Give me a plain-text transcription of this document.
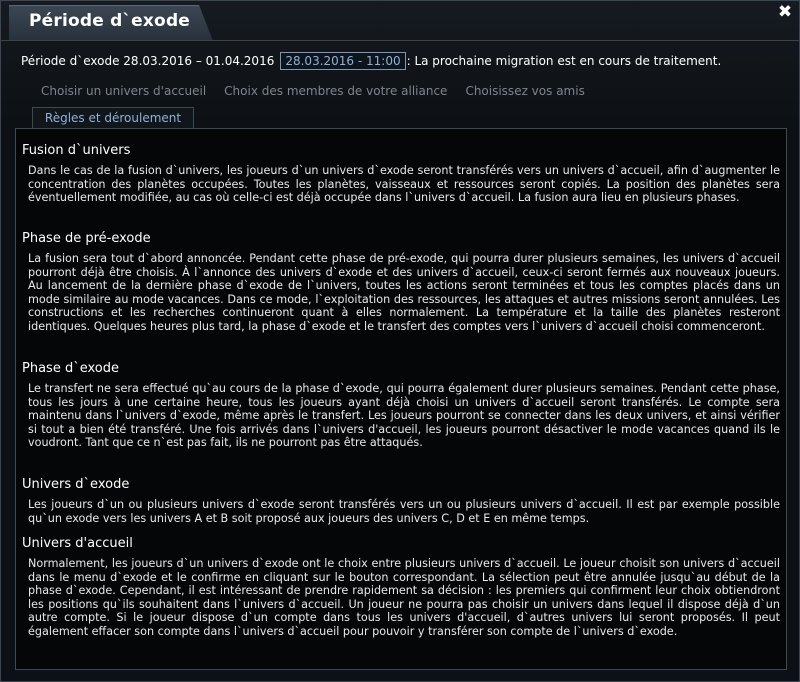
Période d`exode	✖
Période d`exode 28.03.2016 – 01.04.2016 28.03.2016 - 11:00 : La prochaine migration est en cours de traitement.
Choisir un univers d'accueil Choix des membres de votre alliance Choisissez vos amis
Règles et déroulement
Fusion d`univers
Dans le cas de la fusion d`univers, les joueurs d`un univers d`exode seront transférés vers un univers d`accueil, afin d`augmenter le concentration des planètes occupées. Toutes les planètes, vaisseaux et ressources seront copiés. La position des planètes sera éventuellement modifiée, au cas où celle-ci est déjà occupée dans l`univers d`accueil. La fusion aura lieu en plusieurs phases.
Phase de pré-exode
La fusion sera tout d`abord annoncée. Pendant cette phase de pré-exode, qui pourra durer plusieurs semaines, les univers d`accueil pourront déjà être choisis. À l`annonce des univers d`exode et des univers d`accueil, ceux-ci seront fermés aux nouveaux joueurs. Au lancement de la dernière phase d`exode de l`univers, toutes les actions seront terminées et tous les comptes placés dans un mode similaire au mode vacances. Dans ce mode, l`exploitation des ressources, les attaques et autres missions seront annulées. Les constructions et les recherches continueront quant à elles normalement. La température et la taille des planètes resteront identiques. Quelques heures plus tard, la phase d`exode et le transfert des comptes vers l`univers d`accueil choisi commenceront.
Phase d`exode
Le transfert ne sera effectué qu`au cours de la phase d`exode, qui pourra également durer plusieurs semaines. Pendant cette phase, tous les jours à une certaine heure, tous les joueurs ayant déjà choisi un univers d`accueil seront transférés. Le compte sera maintenu dans l`univers d`exode, même après le transfert. Les joueurs pourront se connecter dans les deux univers, et ainsi vérifier si tout a bien été transféré. Une fois arrivés dans l`univers d'accueil, les joueurs pourront désactiver le mode vacances quand ils le voudront. Tant que ce n`est pas fait, ils ne pourront pas être attaqués.
Univers d`exode
Les joueurs d`un ou plusieurs univers d`exode seront transférés vers un ou plusieurs univers d`accueil. Il est par exemple possible qu`un exode vers les univers A et B soit proposé aux joueurs des univers C, D et E en même temps.
Univers d'accueil
Normalement, les joueurs d`un univers d`exode ont le choix entre plusieurs univers d`accueil. Le joueur choisit son univers d`accueil dans le menu d`exode et le confirme en cliquant sur le bouton correspondant. La sélection peut être annulée jusqu`au début de la phase d`exode. Cependant, il est intéressant de prendre rapidement sa décision : les premiers qui confirment leur choix obtiendront les positions qu`ils souhaitent dans l`univers d`accueil. Un joueur ne pourra pas choisir un univers dans lequel il dispose déjà d`un autre compte. Si le joueur dispose d`un compte dans tous les univers d'accueil, d`autres univers lui seront proposés. Il peut également effacer son compte dans l`univers d`accueil pour pouvoir y transférer son compte de l`univers d`exode.
